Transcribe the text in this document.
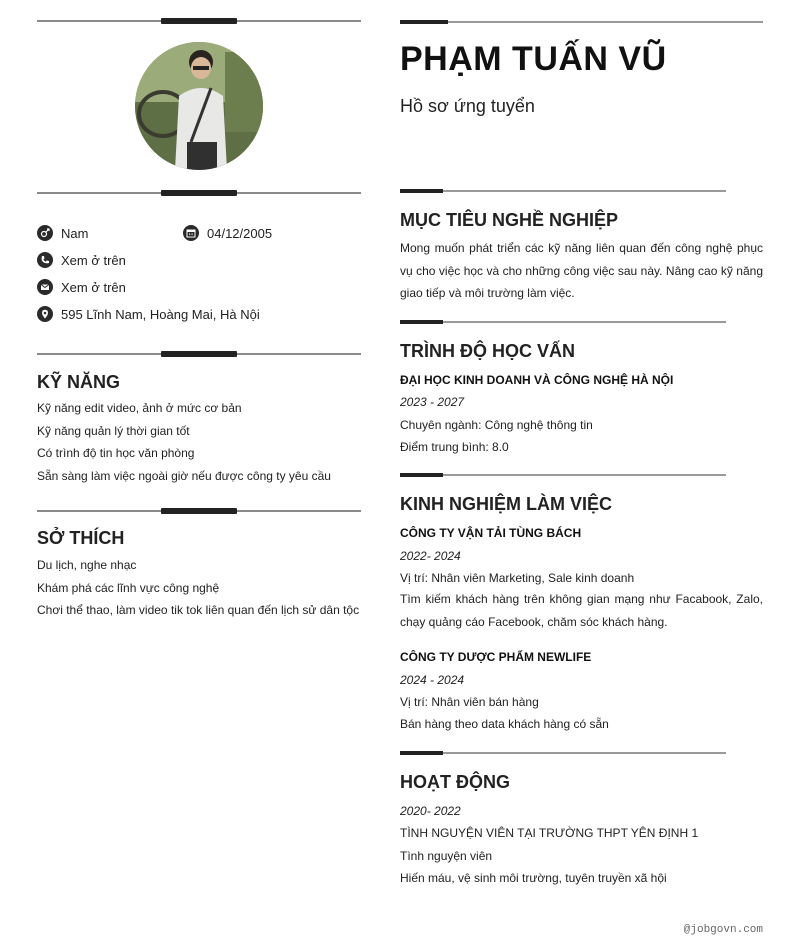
Nam	04/12/2005
Xem ở trên
Xem ở trên
595 Lĩnh Nam, Hoàng Mai, Hà Nội
KỸ NĂNG
Kỹ năng edit video, ảnh ở mức cơ bản
Kỹ năng quản lý thời gian tốt
Có trình độ tin học văn phòng
Sẵn sàng làm việc ngoài giờ nếu được công ty yêu cầu
SỞ THÍCH
Du lịch, nghe nhạc
Khám phá các lĩnh vực công nghệ
Chơi thể thao, làm video tik tok liên quan đến lịch sử dân tộc
PHẠM TUẤN VŨ
Hồ sơ ứng tuyển
MỤC TIÊU NGHỀ NGHIỆP
Mong muốn phát triển các kỹ năng liên quan đến công nghệ phục vụ cho việc học và cho những công việc sau này. Nâng cao kỹ năng giao tiếp và môi trường làm việc.
TRÌNH ĐỘ HỌC VẤN
ĐẠI HỌC KINH DOANH VÀ CÔNG NGHỆ HÀ NỘI
2023 - 2027
Chuyên ngành: Công nghệ thông tin
Điểm trung bình: 8.0
KINH NGHIỆM LÀM VIỆC
CÔNG TY VẬN TẢI TÙNG BÁCH
2022- 2024
Vị trí: Nhân viên Marketing, Sale kinh doanh
Tìm kiếm khách hàng trên không gian mạng như Facabook, Zalo, chạy quảng cáo Facebook, chăm sóc khách hàng.
CÔNG TY DƯỢC PHẨM NEWLIFE
2024 - 2024
Vị trí: Nhân viên bán hàng
Bán hàng theo data khách hàng có sẵn
HOẠT ĐỘNG
2020- 2022
TÌNH NGUYỆN VIÊN TẠI TRƯỜNG THPT YÊN ĐỊNH 1
Tình nguyện viên
Hiến máu, vệ sinh môi trường, tuyên truyền xã hội
@jobgovn.com
